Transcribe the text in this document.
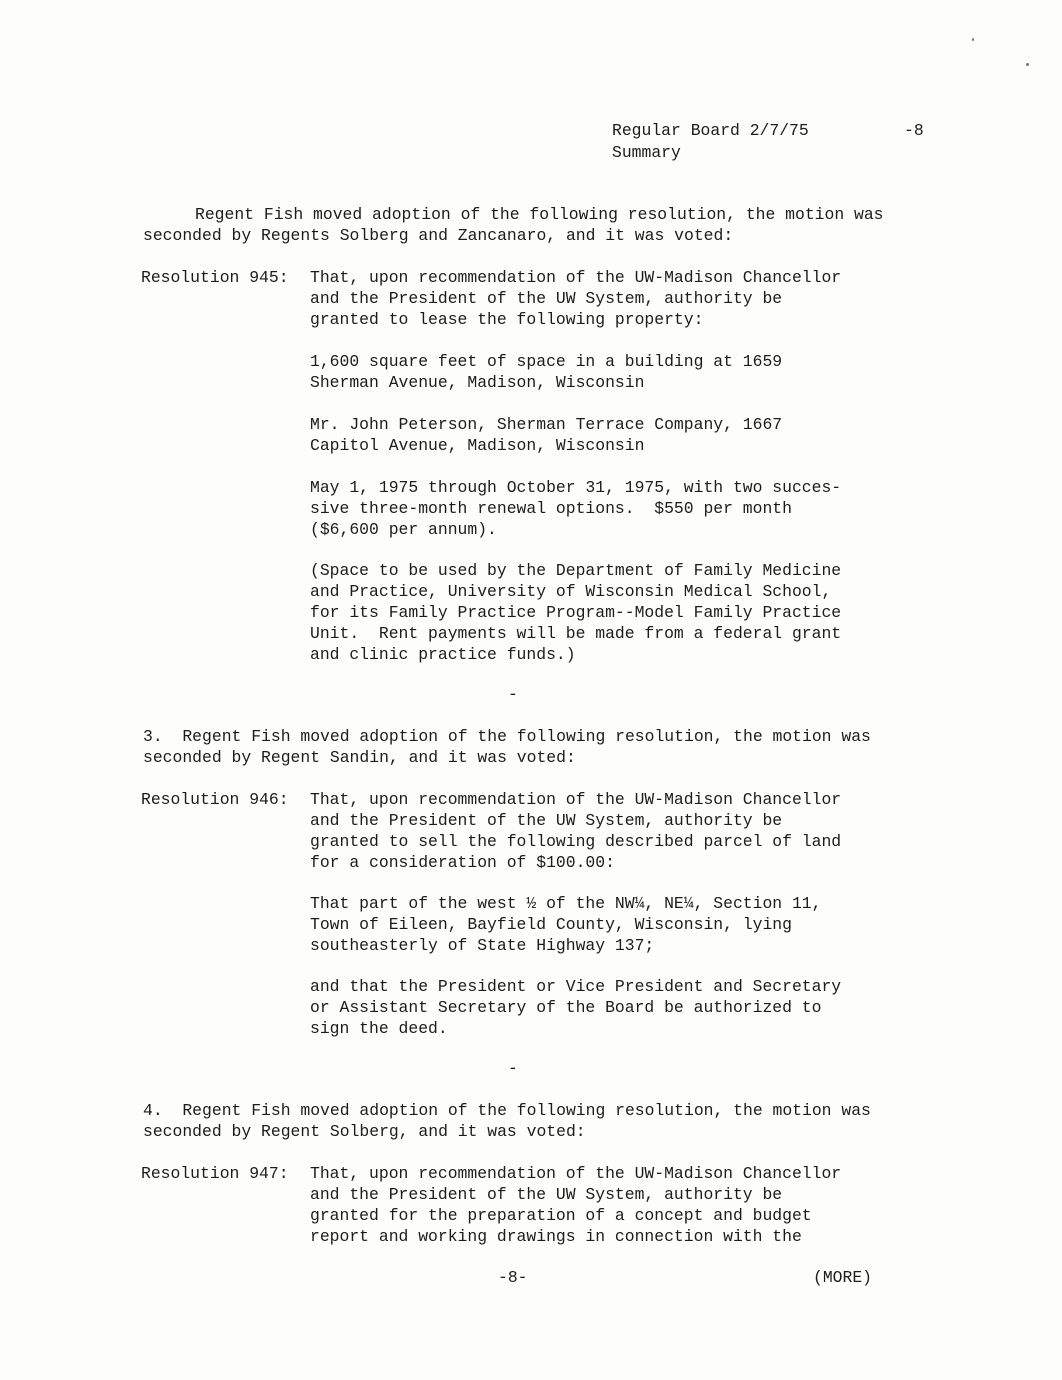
Regular Board 2/7/75
Summary
-8
Regent Fish moved adoption of the following resolution, the motion was
seconded by Regents Solberg and Zancanaro, and it was voted:
Resolution 945: That, upon recommendation of the UW-Madison Chancellor
and the President of the UW System, authority be
granted to lease the following property:
1,600 square feet of space in a building at 1659
Sherman Avenue, Madison, Wisconsin
Mr. John Peterson, Sherman Terrace Company, 1667
Capitol Avenue, Madison, Wisconsin
May 1, 1975 through October 31, 1975, with two succes-
sive three-month renewal options.  $550 per month
($6,600 per annum).
(Space to be used by the Department of Family Medicine
and Practice, University of Wisconsin Medical School,
for its Family Practice Program--Model Family Practice
Unit.  Rent payments will be made from a federal grant
and clinic practice funds.)
-
3.  Regent Fish moved adoption of the following resolution, the motion was
seconded by Regent Sandin, and it was voted:
Resolution 946: That, upon recommendation of the UW-Madison Chancellor
and the President of the UW System, authority be
granted to sell the following described parcel of land
for a consideration of $100.00:
That part of the west ½ of the NW¼, NE¼, Section 11,
Town of Eileen, Bayfield County, Wisconsin, lying
southeasterly of State Highway 137;
and that the President or Vice President and Secretary
or Assistant Secretary of the Board be authorized to
sign the deed.
-
4.  Regent Fish moved adoption of the following resolution, the motion was
seconded by Regent Solberg, and it was voted:
Resolution 947: That, upon recommendation of the UW-Madison Chancellor
and the President of the UW System, authority be
granted for the preparation of a concept and budget
report and working drawings in connection with the
-8-	(MORE)
